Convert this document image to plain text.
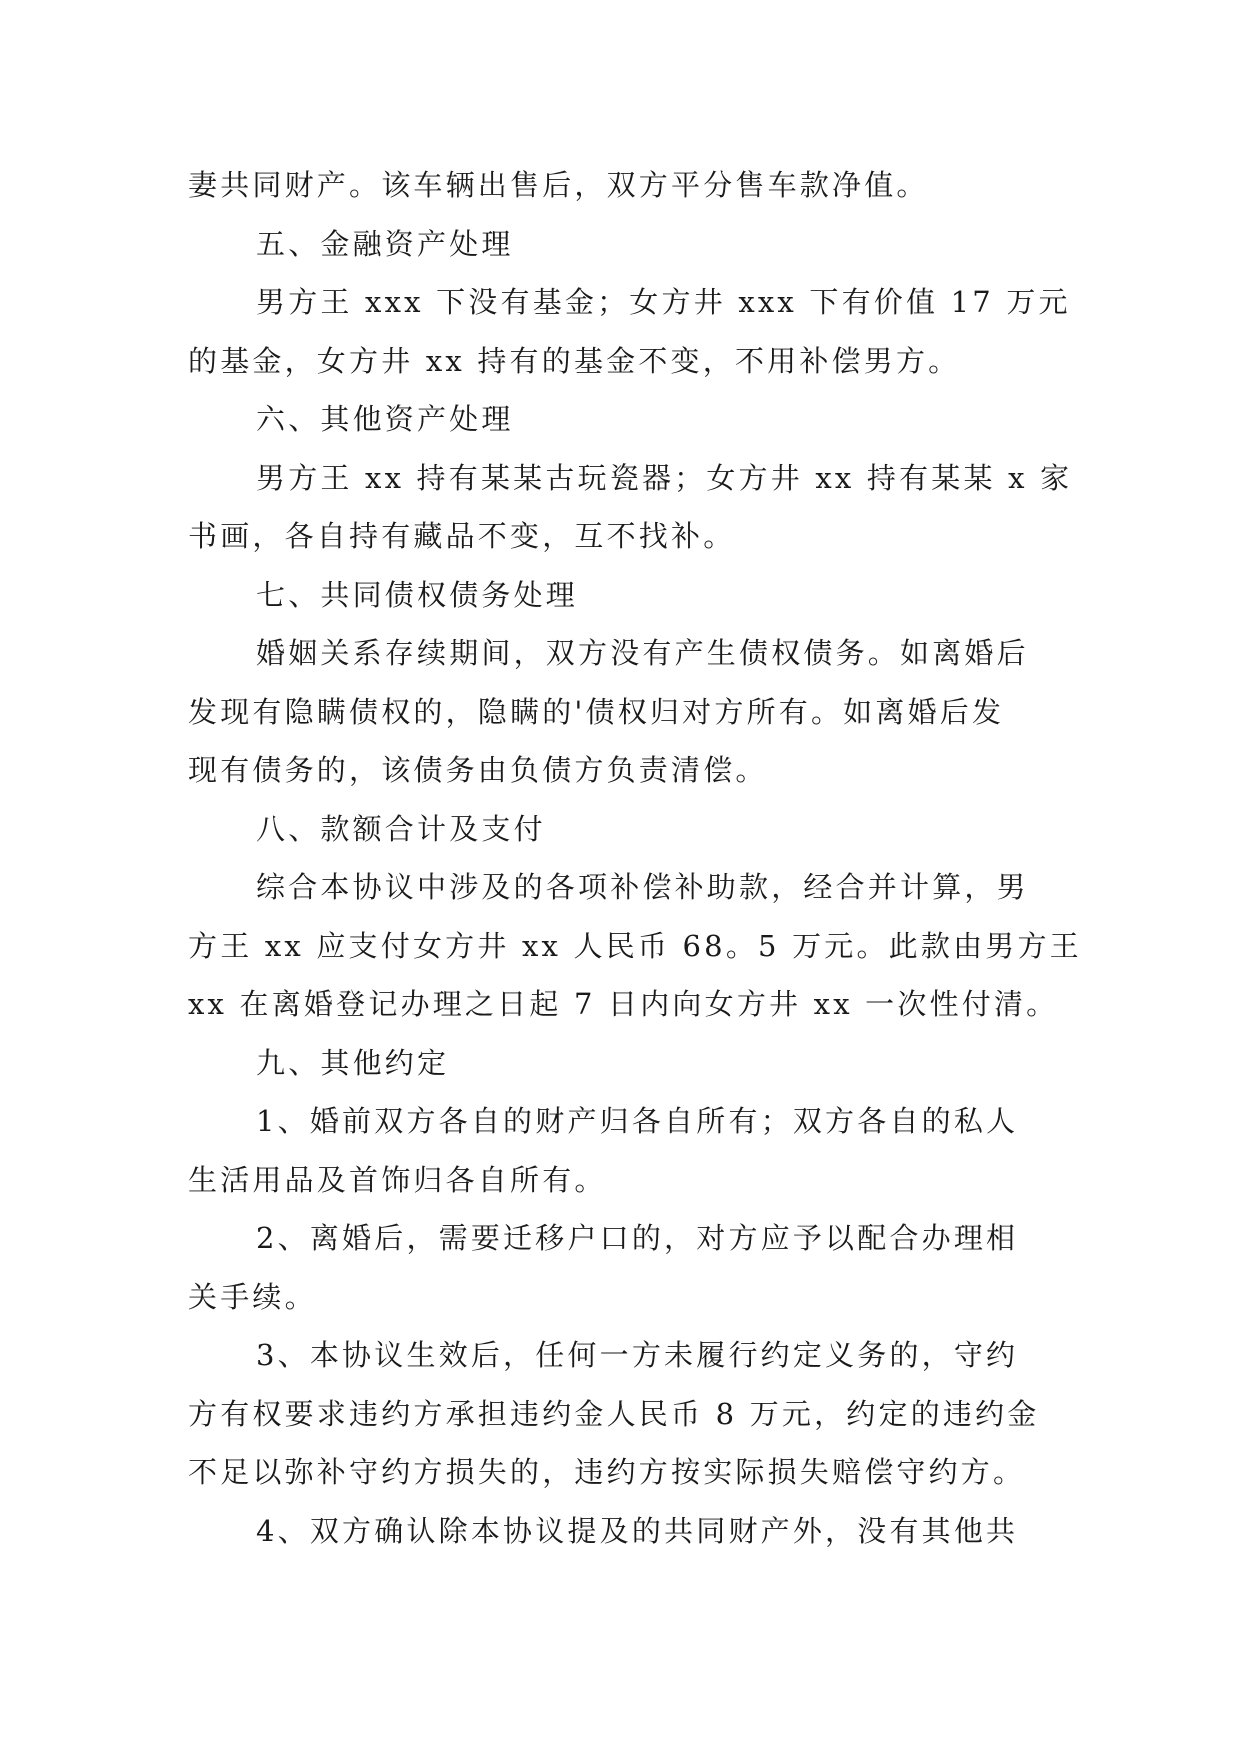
妻共同财产。该车辆出售后，双方平分售车款净值。

五、金融资产处理

男方王 xxx 下没有基金；女方井 xxx 下有价值 17 万元

的基金，女方井 xx 持有的基金不变，不用补偿男方。

六、其他资产处理

男方王 xx 持有某某古玩瓷器；女方井 xx 持有某某 x 家

书画，各自持有藏品不变，互不找补。

七、共同债权债务处理

婚姻关系存续期间，双方没有产生债权债务。如离婚后

发现有隐瞒债权的，隐瞒的'债权归对方所有。如离婚后发

现有债务的，该债务由负债方负责清偿。

八、款额合计及支付

综合本协议中涉及的各项补偿补助款，经合并计算，男

方王 xx 应支付女方井 xx 人民币 68。5 万元。此款由男方王

xx 在离婚登记办理之日起 7 日内向女方井 xx 一次性付清。

九、其他约定

1、婚前双方各自的财产归各自所有；双方各自的私人

生活用品及首饰归各自所有。

2、离婚后，需要迁移户口的，对方应予以配合办理相

关手续。

3、本协议生效后，任何一方未履行约定义务的，守约

方有权要求违约方承担违约金人民币 8 万元，约定的违约金

不足以弥补守约方损失的，违约方按实际损失赔偿守约方。

4、双方确认除本协议提及的共同财产外，没有其他共
